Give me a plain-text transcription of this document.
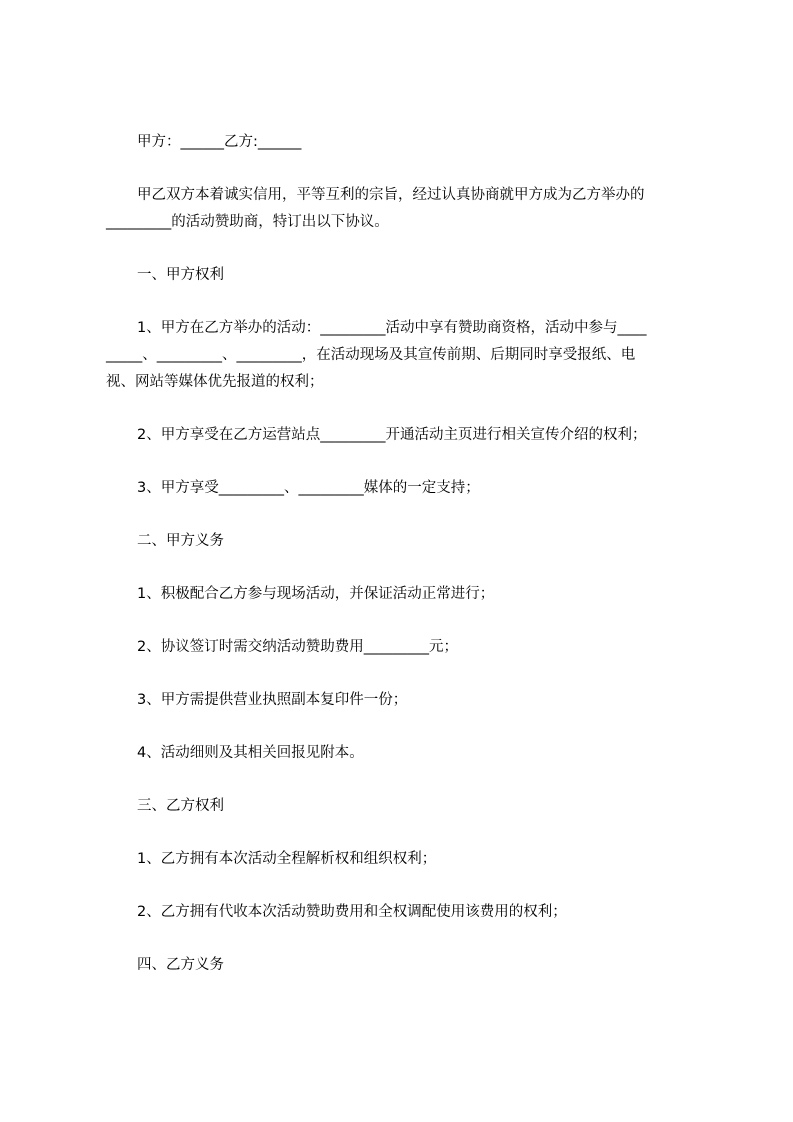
甲方：______乙方:______
甲乙双方本着诚实信用，平等互利的宗旨，经过认真协商就甲方成为乙方举办的
_________的活动赞助商，特订出以下协议。
一、甲方权利
1、甲方在乙方举办的活动：_________活动中享有赞助商资格，活动中参与____
_____、_________、_________，在活动现场及其宣传前期、后期同时享受报纸、电
视、网站等媒体优先报道的权利；
2、甲方享受在乙方运营站点_________开通活动主页进行相关宣传介绍的权利；
3、甲方享受_________、_________媒体的一定支持；
二、甲方义务
1、积极配合乙方参与现场活动，并保证活动正常进行；
2、协议签订时需交纳活动赞助费用_________元；
3、甲方需提供营业执照副本复印件一份；
4、活动细则及其相关回报见附本。
三、乙方权利
1、乙方拥有本次活动全程解析权和组织权利；
2、乙方拥有代收本次活动赞助费用和全权调配使用该费用的权利；
四、乙方义务
